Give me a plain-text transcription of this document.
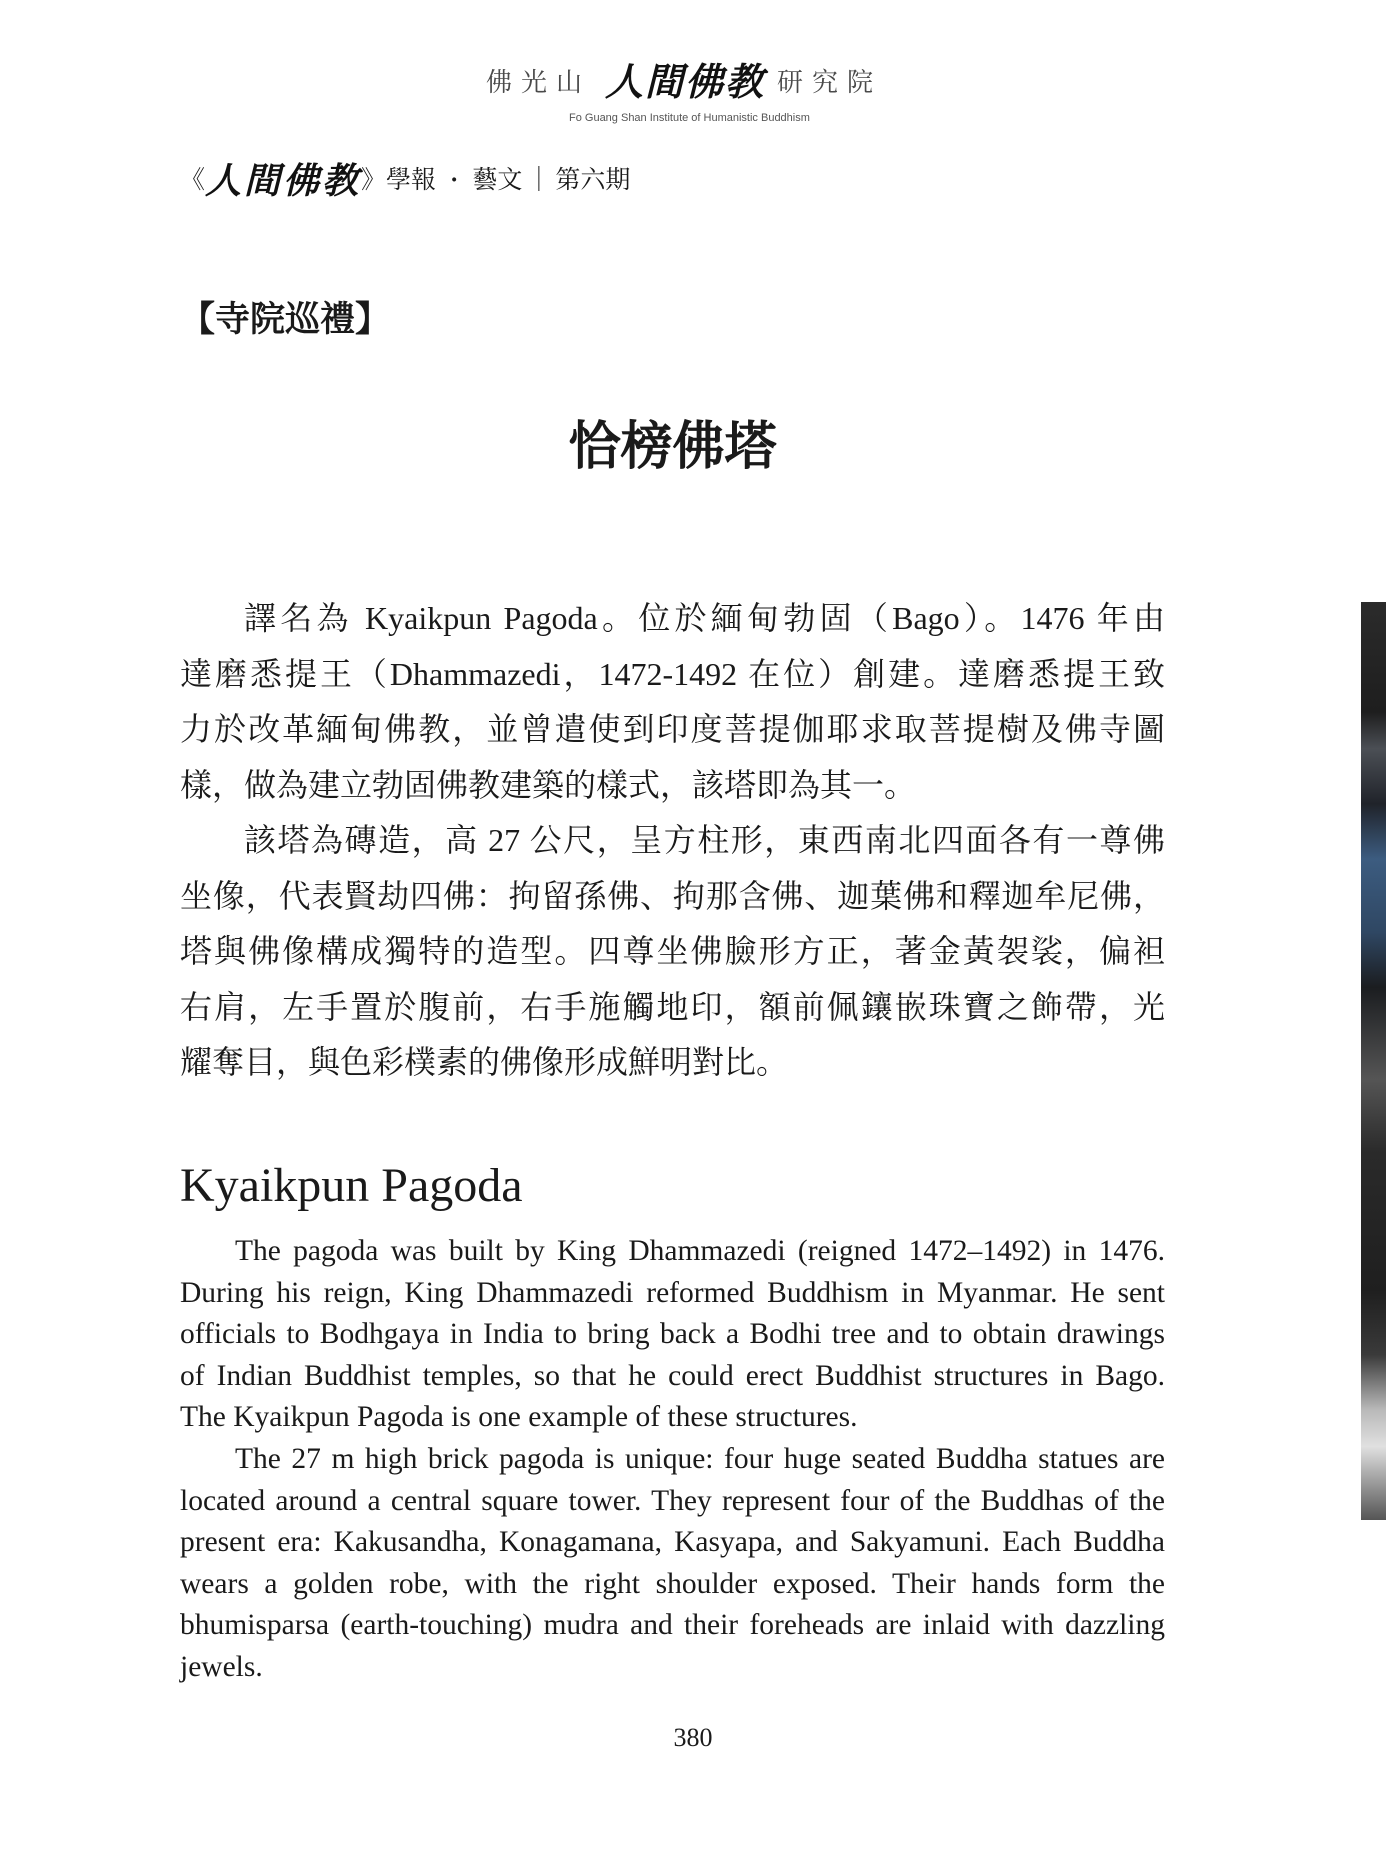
佛光山 人間佛教 研究院
Fo Guang Shan Institute of Humanistic Buddhism
《 人間佛教 》學報 · 藝文 ｜ 第六期
【寺院巡禮】
恰榜佛塔
譯名為 Kyaikpun Pagoda。位於緬甸勃固（Bago）。1476 年由
達磨悉提王（Dhammazedi，1472-1492 在位）創建。達磨悉提王致
力於改革緬甸佛教，並曾遣使到印度菩提伽耶求取菩提樹及佛寺圖
樣，做為建立勃固佛教建築的樣式，該塔即為其一。
該塔為磚造，高 27 公尺，呈方柱形，東西南北四面各有一尊佛
坐像，代表賢劫四佛：拘留孫佛、拘那含佛、迦葉佛和釋迦牟尼佛，
塔與佛像構成獨特的造型。四尊坐佛臉形方正，著金黃袈裟，偏袒
右肩，左手置於腹前，右手施觸地印，額前佩鑲嵌珠寶之飾帶，光
耀奪目，與色彩樸素的佛像形成鮮明對比。
Kyaikpun Pagoda
The pagoda was built by King Dhammazedi (reigned 1472–1492) in 1476.
During his reign, King Dhammazedi reformed Buddhism in Myanmar. He sent
officials to Bodhgaya in India to bring back a Bodhi tree and to obtain drawings
of Indian Buddhist temples, so that he could erect Buddhist structures in Bago.
The Kyaikpun Pagoda is one example of these structures.
The 27 m high brick pagoda is unique: four huge seated Buddha statues are
located around a central square tower. They represent four of the Buddhas of the
present era: Kakusandha, Konagamana, Kasyapa, and Sakyamuni. Each Buddha
wears a golden robe, with the right shoulder exposed. Their hands form the
bhumisparsa (earth-touching) mudra and their foreheads are inlaid with dazzling
jewels.
380
